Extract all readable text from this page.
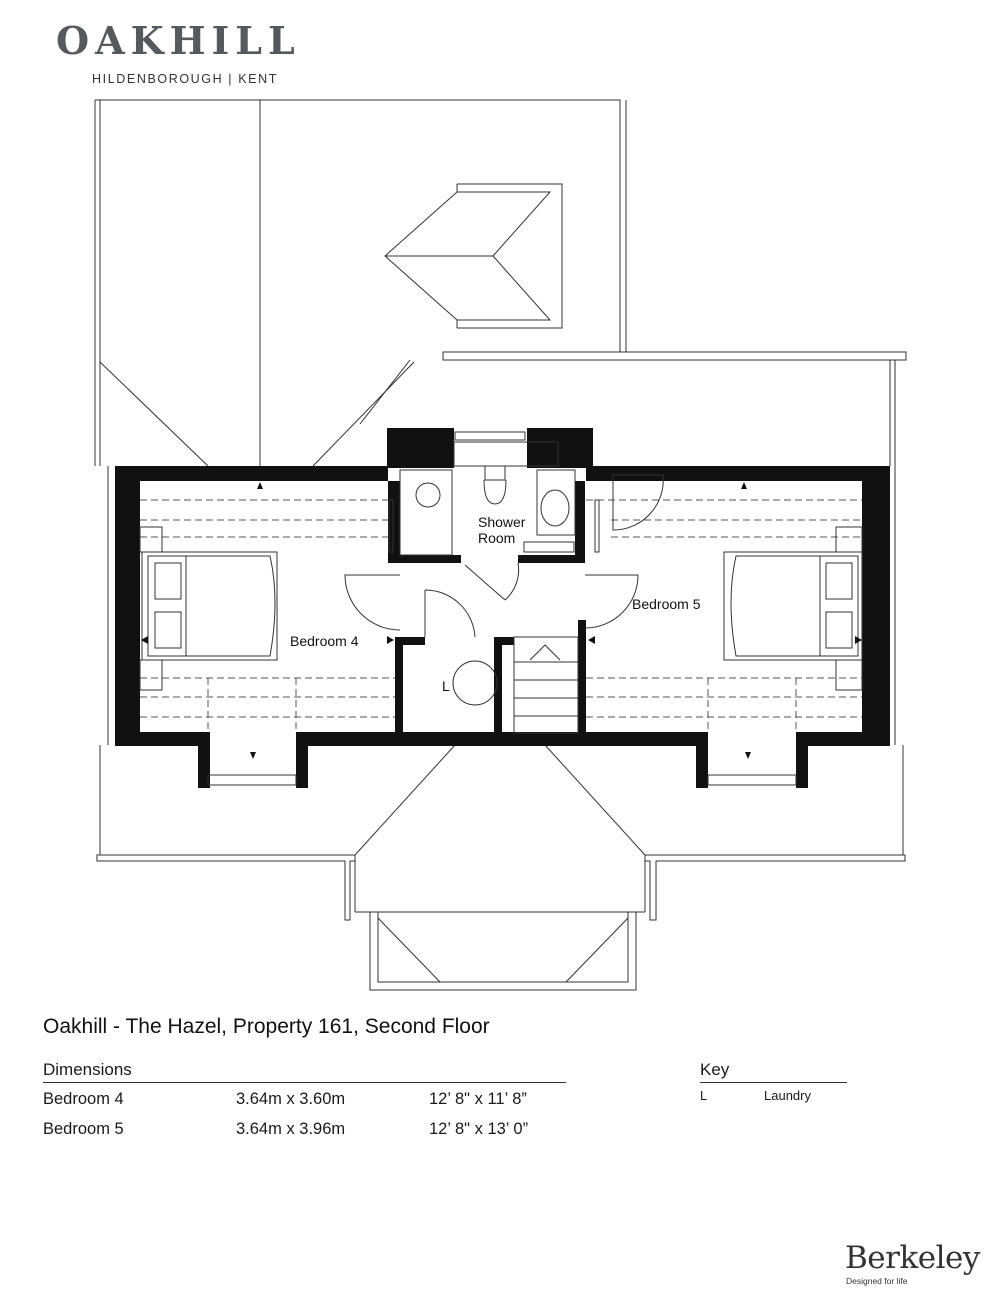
OAKHILL
HILDENBOROUGH | KENT
Shower
Room
Bedroom 4
Bedroom 5
L
Oakhill - The Hazel, Property 161, Second Floor
Dimensions
Bedroom 4	3.64m x 3.60m	12’ 8" x 11’ 8”
Bedroom 5	3.64m x 3.96m	12’ 8" x 13’ 0”
Key
L	Laundry
Berkeley
Designed for life
